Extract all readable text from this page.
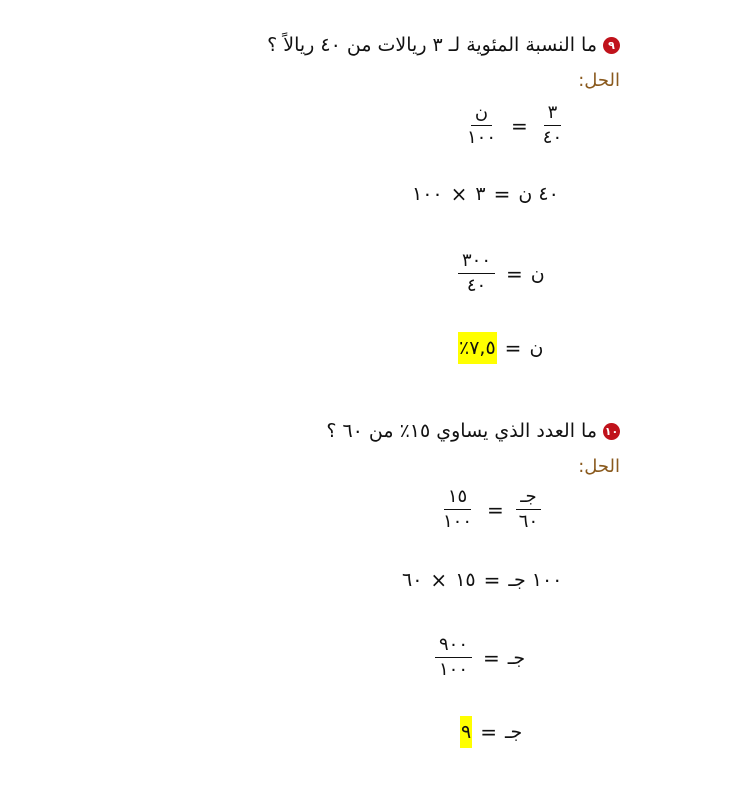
٩
ما النسبة المئوية لـ ٣ ريالات من ٤٠ ريالاً ؟
الحل:
$\frac{٣}{٤٠}$
=
$\frac{\text{ن}}{١٠٠}$
٤٠ ن
=
٣
×
١٠٠
ن
=
$\frac{٣٠٠}{٤٠}$
ن
=
٧,٥٪
١٠
ما العدد الذي يساوي ١٥٪ من ٦٠ ؟
الحل:
$\frac{\text{جـ}}{٦٠}$
=
$\frac{١٥}{١٠٠}$
١٠٠ جـ
=
١٥
×
٦٠
جـ
=
$\frac{٩٠٠}{١٠٠}$
جـ
=
٩
